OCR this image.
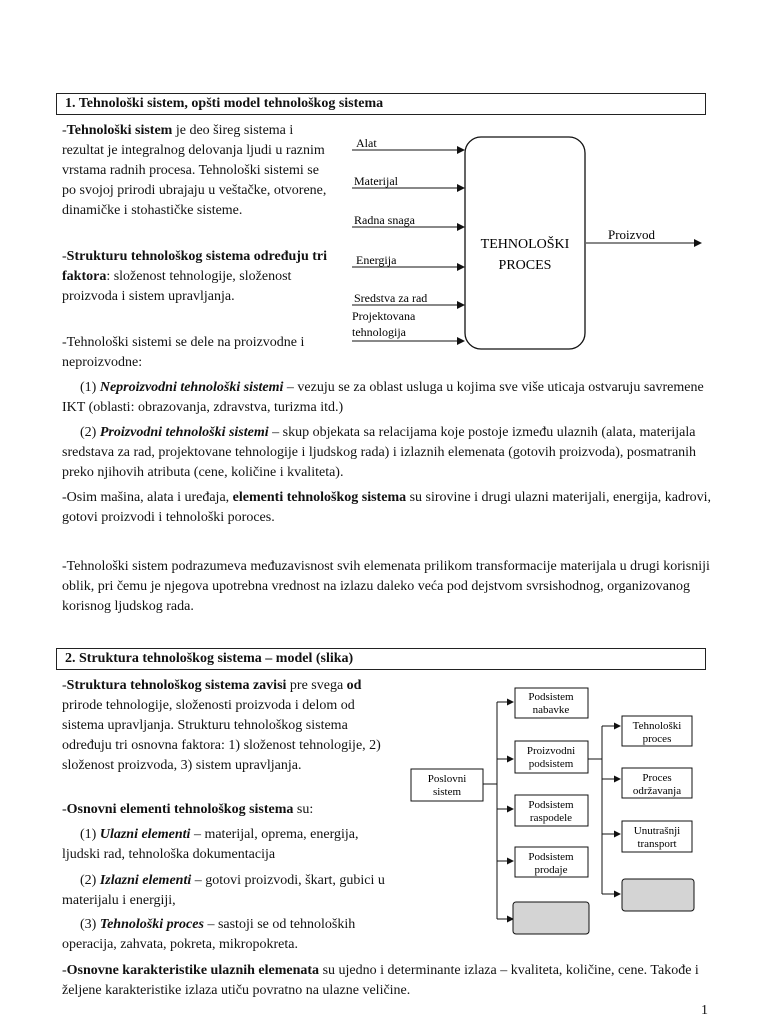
1. Tehnološki sistem, opšti model tehnološkog sistema

-Tehnološki sistem je deo šireg sistema i rezultat je integralnog delovanja ljudi u raznim vrstama radnih procesa. Tehnološki sistemi se po svojoj prirodi ubrajaju u veštačke, otvorene, dinamičke i stohastičke sisteme.

-Strukturu tehnološkog sistema određuju tri faktora: složenost tehnologije, složenost proizvoda i sistem upravljanja.

-Tehnološki sistemi se dele na proizvodne i neproizvodne:

(1) Neproizvodni tehnološki sistemi – vezuju se za oblast usluga u kojima sve više uticaja ostvaruju savremene IKT (oblasti: obrazovanja, zdravstva, turizma itd.)

(2) Proizvodni tehnološki sistemi – skup objekata sa relacijama koje postoje između ulaznih (alata, materijala sredstava za rad, projektovane tehnologije i ljudskog rada) i izlaznih elemenata (gotovih proizvoda), posmatranih preko njihovih atributa (cene, količine i kvaliteta).

-Osim mašina, alata i uređaja, elementi tehnološkog sistema su sirovine i drugi ulazni materijali, energija, kadrovi, gotovi proizvodi i tehnološki poroces.

-Tehnološki sistem podrazumeva međuzavisnost svih elemenata prilikom transformacije materijala u drugi korisniji oblik, pri čemu je njegova upotrebna vrednost na izlazu daleko veća pod dejstvom svrsishodnog, organizovanog korisnog ljudskog rada.

TEHNOLOŠKI
PROCES
Alat
Materijal
Radna snaga
Energija
Sredstva za rad
Projektovana
tehnologija
Proizvod
2. Struktura tehnološkog sistema – model (slika)

-Struktura tehnološkog sistema zavisi pre svega od prirode tehnologije, složenosti proizvoda i delom od sistema upravljanja. Strukturu tehnološkog sistema određuju tri osnovna faktora: 1) složenost tehnologije, 2) složenost proizvoda, 3) sistem upravljanja.

-Osnovni elementi tehnološkog sistema su:

(1) Ulazni elementi – materijal, oprema, energija, ljudski rad, tehnološka dokumentacija

(2) Izlazni elementi – gotovi proizvodi, škart, gubici u materijalu i energiji,

(3) Tehnološki proces – sastoji se od tehnoloških operacija, zahvata, pokreta, mikropokreta.

-Osnovne karakteristike ulaznih elemenata su ujedno i determinante izlaza – kvaliteta, količine, cene. Takođe i željene karakteristike izlaza utiču povratno na ulazne veličine.

Poslovni
sistem
Podsistem
nabavke
Proizvodni
podsistem
Podsistem
raspodele
Podsistem
prodaje
Tehnološki
proces
Proces
održavanja
Unutrašnji
transport
1
